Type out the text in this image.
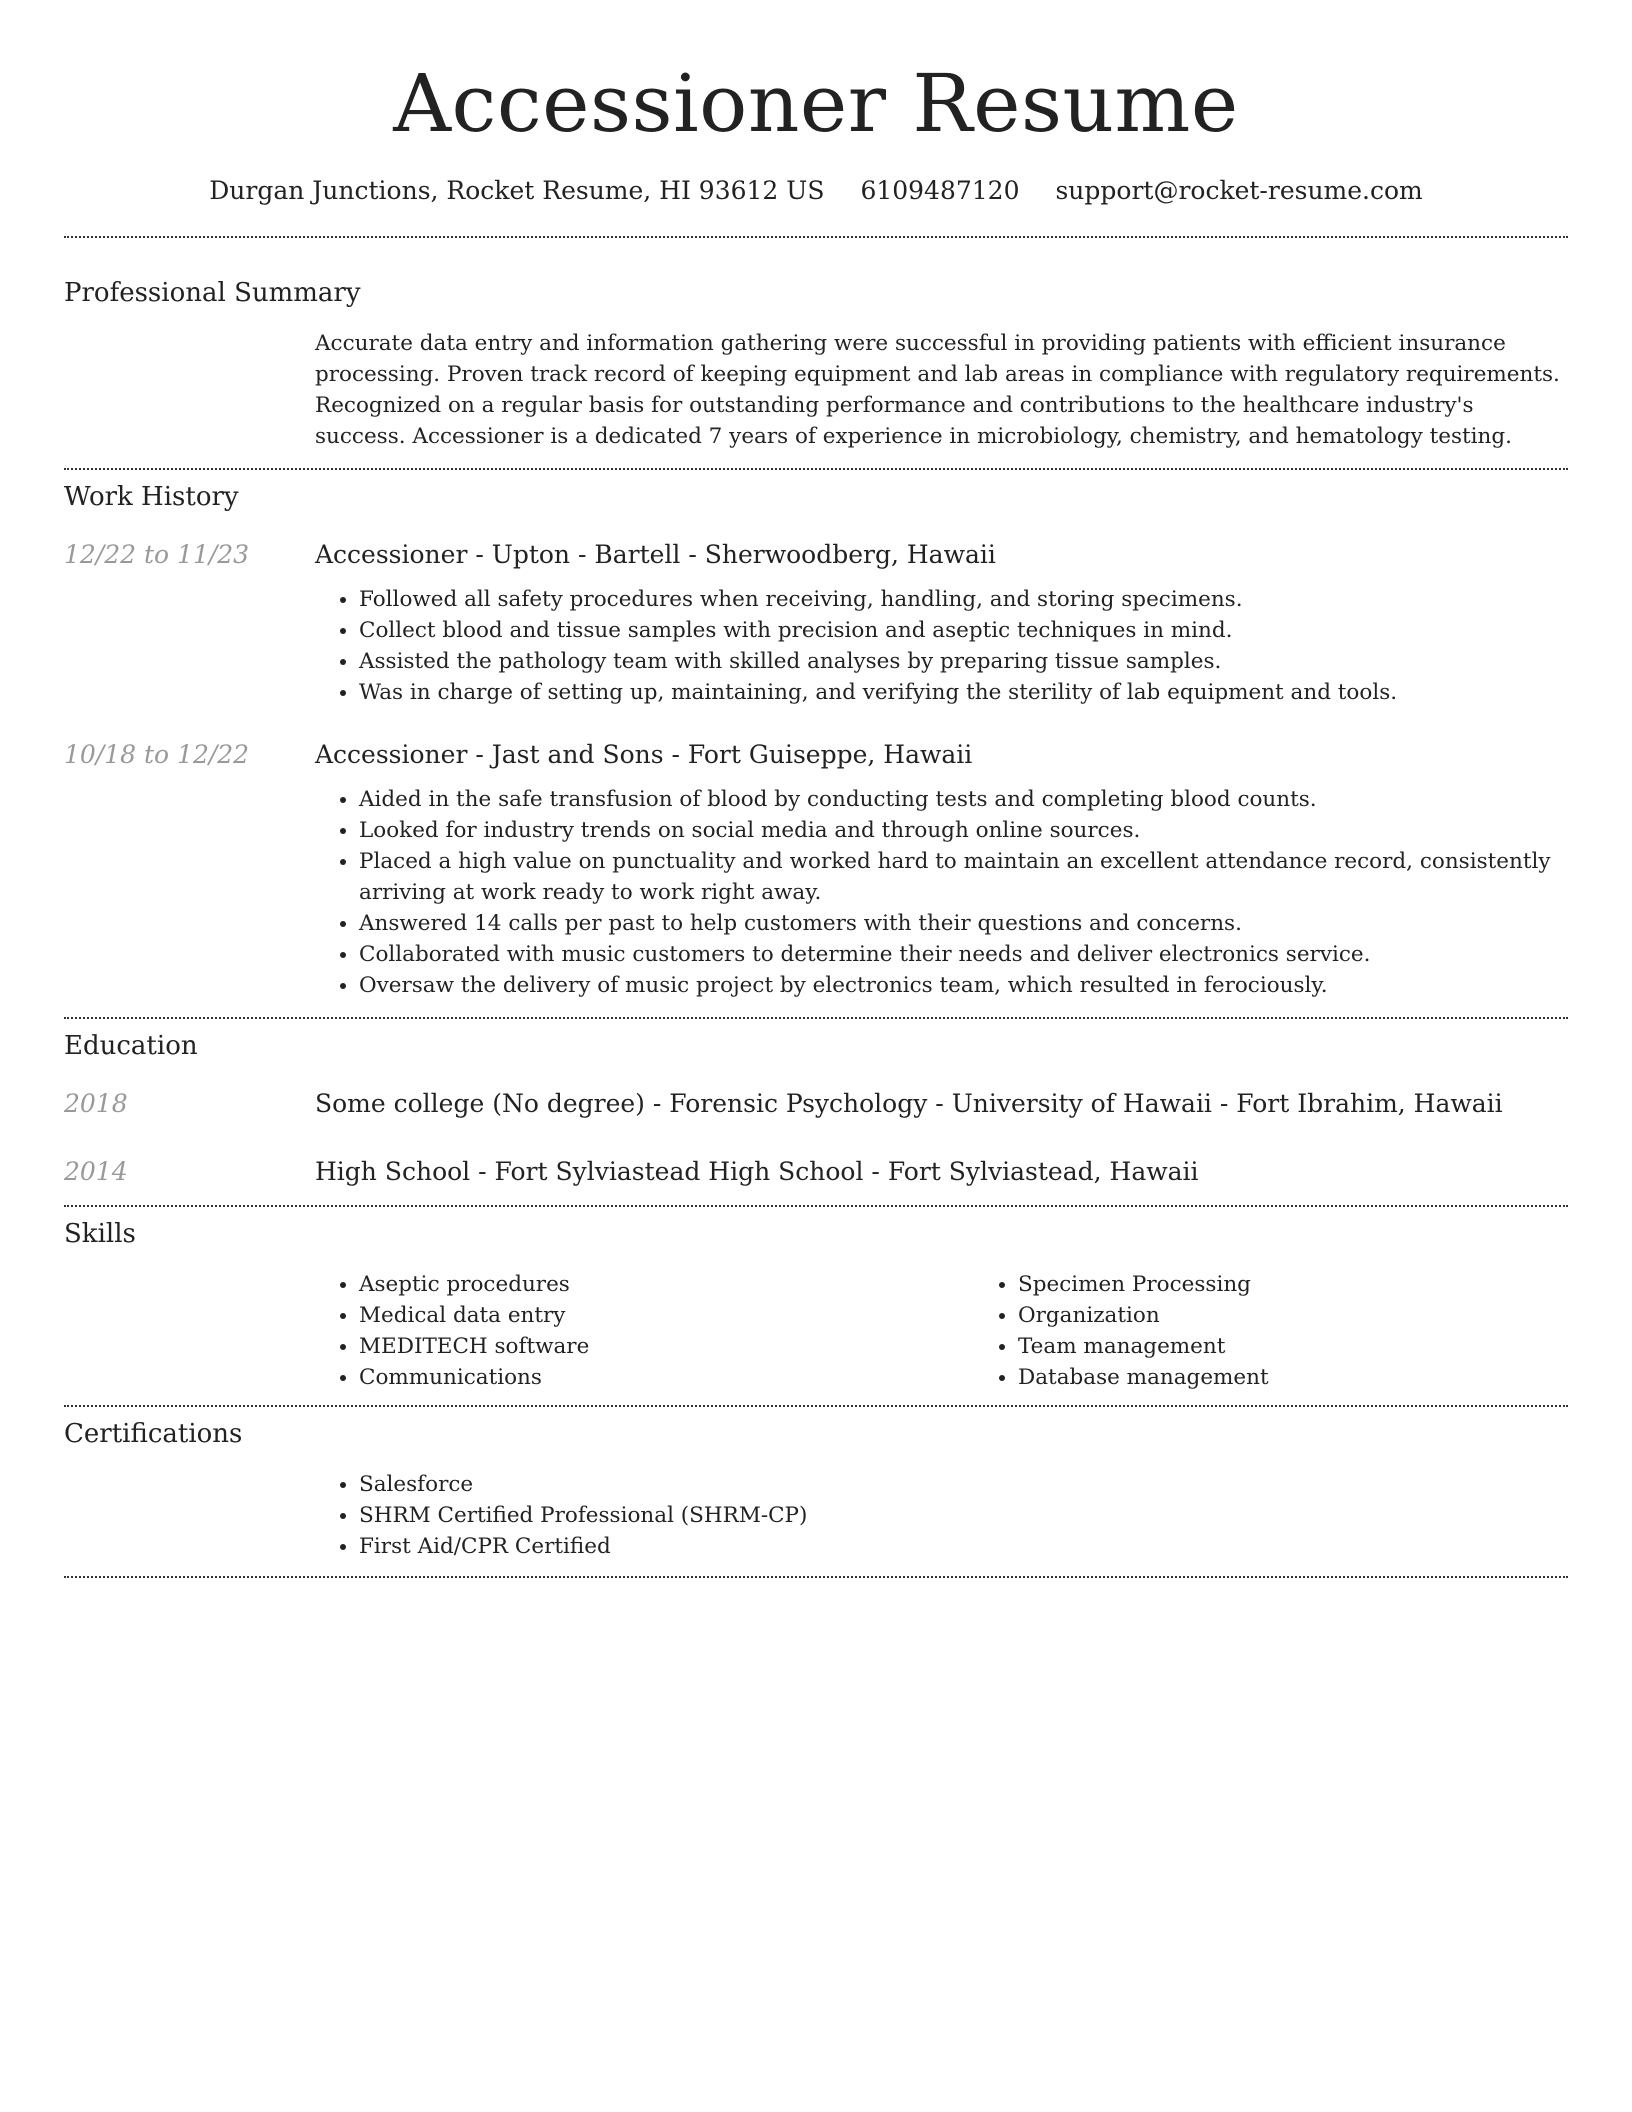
Accessioner Resume
Durgan Junctions, Rocket Resume, HI 93612 US 6109487120 support@rocket-resume.com
Professional Summary
Accurate data entry and information gathering were successful in providing patients with efficient insurance processing. Proven track record of keeping equipment and lab areas in compliance with regulatory requirements. Recognized on a regular basis for outstanding performance and contributions to the healthcare industry's success. Accessioner is a dedicated 7 years of experience in microbiology, chemistry, and hematology testing.
Work History
12/22 to 11/23	Accessioner - Upton - Bartell - Sherwoodberg, Hawaii
• Followed all safety procedures when receiving, handling, and storing specimens.
• Collect blood and tissue samples with precision and aseptic techniques in mind.
• Assisted the pathology team with skilled analyses by preparing tissue samples.
• Was in charge of setting up, maintaining, and verifying the sterility of lab equipment and tools.
10/18 to 12/22	Accessioner - Jast and Sons - Fort Guiseppe, Hawaii
• Aided in the safe transfusion of blood by conducting tests and completing blood counts.
• Looked for industry trends on social media and through online sources.
• Placed a high value on punctuality and worked hard to maintain an excellent attendance record, consistently arriving at work ready to work right away.
• Answered 14 calls per past to help customers with their questions and concerns.
• Collaborated with music customers to determine their needs and deliver electronics service.
• Oversaw the delivery of music project by electronics team, which resulted in ferociously.
Education
2018	Some college (No degree) - Forensic Psychology - University of Hawaii - Fort Ibrahim, Hawaii
2014	High School - Fort Sylviastead High School - Fort Sylviastead, Hawaii
Skills
• Aseptic procedures
• Medical data entry
• MEDITECH software
• Communications
• Specimen Processing
• Organization
• Team management
• Database management
Certifications
• Salesforce
• SHRM Certified Professional (SHRM-CP)
• First Aid/CPR Certified
